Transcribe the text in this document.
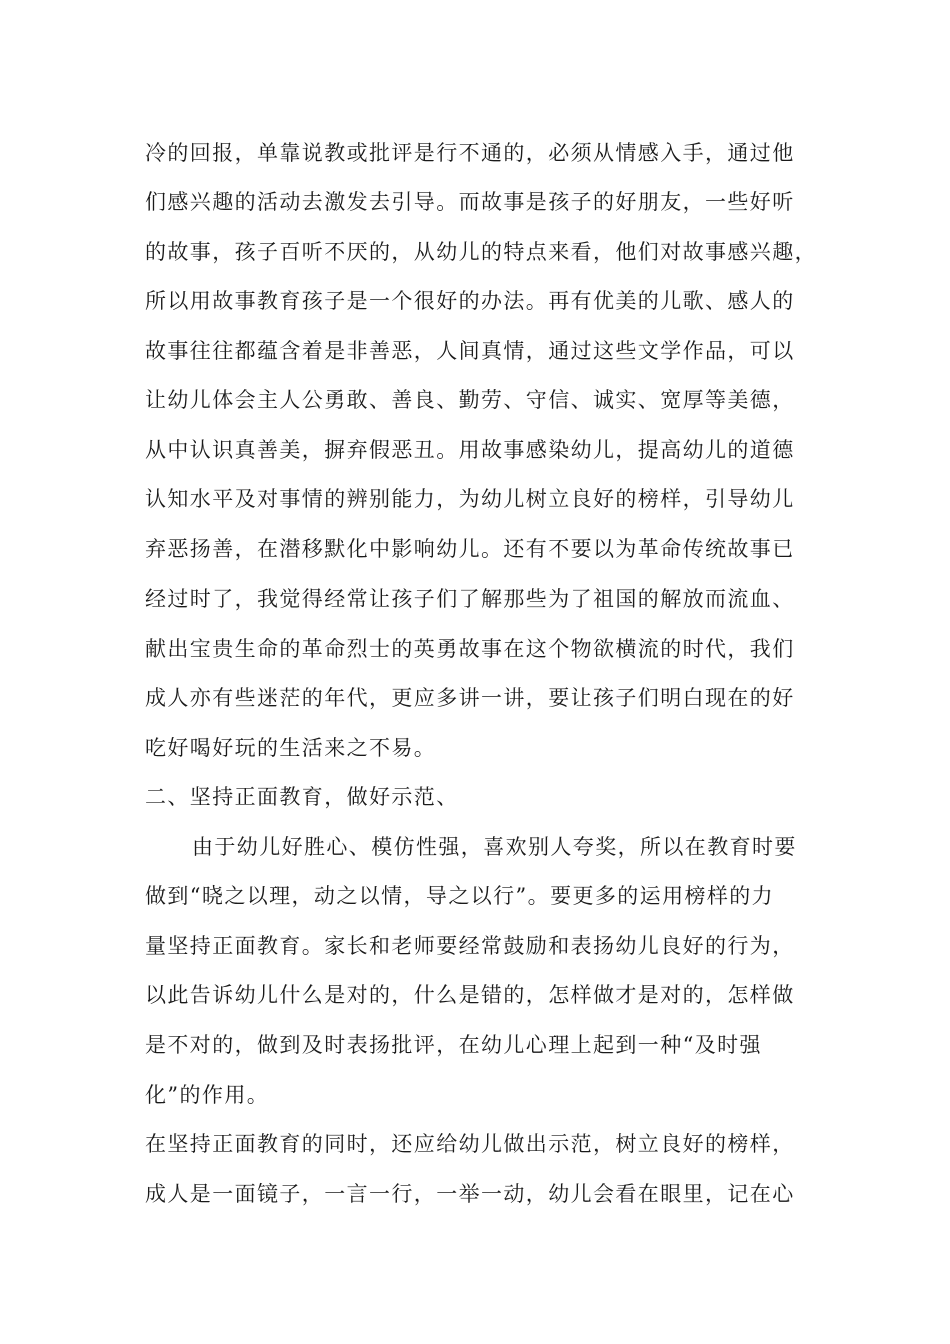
冷的回报，单靠说教或批评是行不通的，必须从情感入手，通过他
们感兴趣的活动去激发去引导。而故事是孩子的好朋友，一些好听
的故事，孩子百听不厌的，从幼儿的特点来看，他们对故事感兴趣，
所以用故事教育孩子是一个很好的办法。再有优美的儿歌、感人的
故事往往都蕴含着是非善恶，人间真情，通过这些文学作品，可以
让幼儿体会主人公勇敢、善良、勤劳、守信、诚实、宽厚等美德，
从中认识真善美，摒弃假恶丑。用故事感染幼儿，提高幼儿的道德
认知水平及对事情的辨别能力，为幼儿树立良好的榜样，引导幼儿
弃恶扬善，在潜移默化中影响幼儿。还有不要以为革命传统故事已
经过时了，我觉得经常让孩子们了解那些为了祖国的解放而流血、
献出宝贵生命的革命烈士的英勇故事在这个物欲横流的时代，我们
成人亦有些迷茫的年代，更应多讲一讲，要让孩子们明白现在的好
吃好喝好玩的生活来之不易。
二、坚持正面教育，做好示范、
由于幼儿好胜心、模仿性强，喜欢别人夸奖，所以在教育时要
做到“晓之以理，动之以情，导之以行”。要更多的运用榜样的力
量坚持正面教育。家长和老师要经常鼓励和表扬幼儿良好的行为，
以此告诉幼儿什么是对的，什么是错的，怎样做才是对的，怎样做
是不对的，做到及时表扬批评，在幼儿心理上起到一种“及时强
化”的作用。
在坚持正面教育的同时，还应给幼儿做出示范，树立良好的榜样，
成人是一面镜子，一言一行，一举一动，幼儿会看在眼里，记在心
